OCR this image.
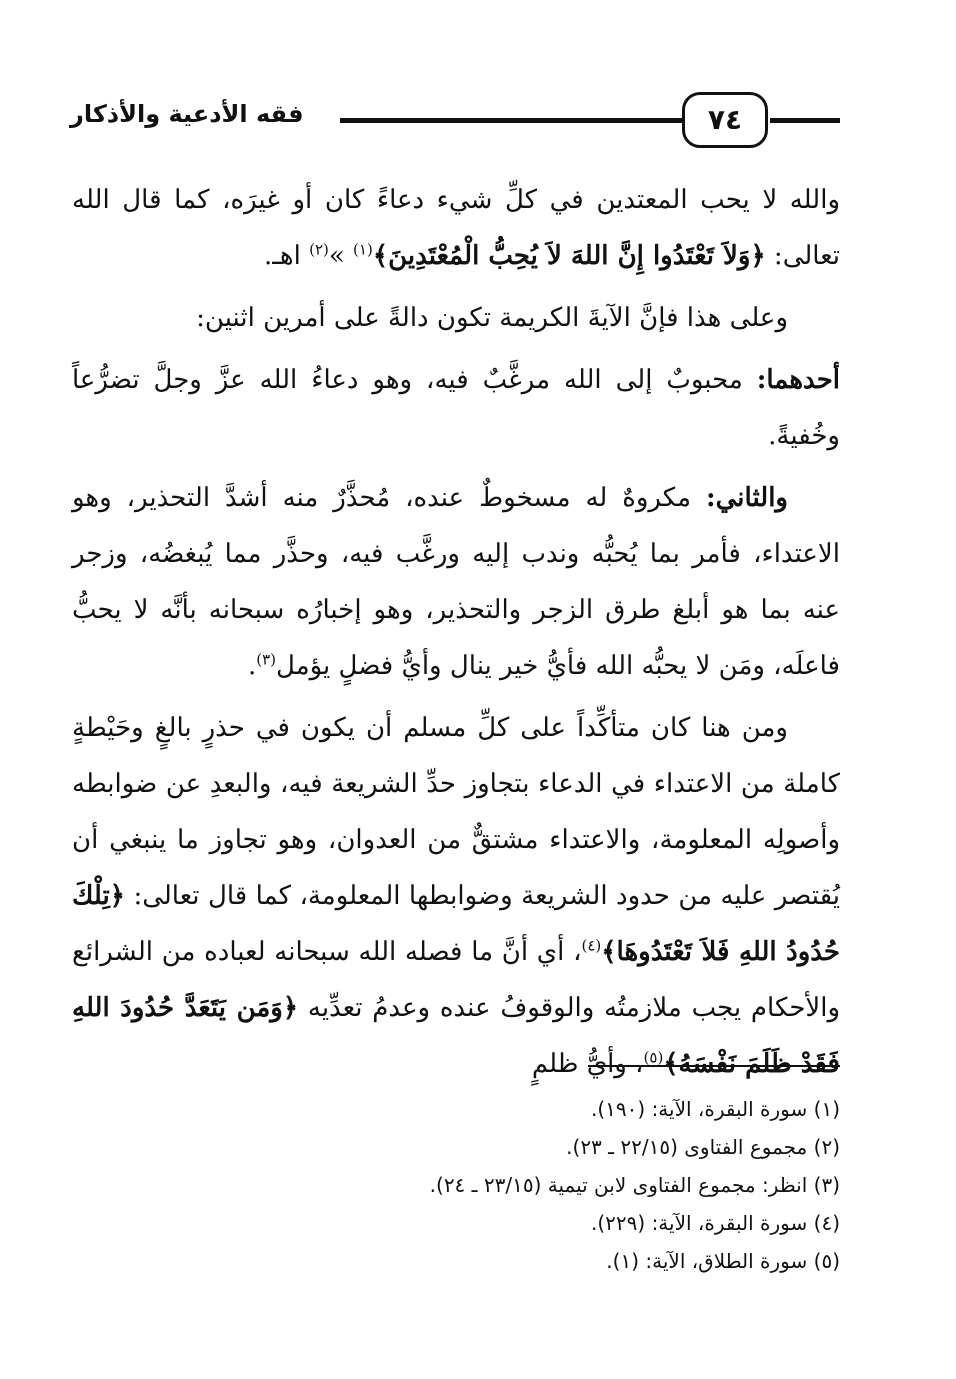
فقه الأدعية والأذكار	٧٤

والله لا يحب المعتدين في كلِّ شيء دعاءً كان أو غيرَه، كما قال الله تعالى: ﴿وَلاَ تَعْتَدُوا إِنَّ اللهَ لاَ يُحِبُّ الْمُعْتَدِينَ﴾$^{(١)}$ »$^{(٢)}$ اهـ.

وعلى هذا فإنَّ الآيةَ الكريمة تكون دالةً على أمرين اثنين:

أحدهما: محبوبٌ إلى الله مرغَّبٌ فيه، وهو دعاءُ الله عزَّ وجلَّ تضرُّعاً وخُفيةً.

والثاني: مكروهٌ له مسخوطٌ عنده، مُحذَّرٌ منه أشدَّ التحذير، وهو الاعتداء، فأمر بما يُحبُّه وندب إليه ورغَّب فيه، وحذَّر مما يُبغضُه، وزجر عنه بما هو أبلغ طرق الزجر والتحذير، وهو إخبارُه سبحانه بأنَّه لا يحبُّ فاعلَه، ومَن لا يحبُّه الله فأيُّ خير ينال وأيُّ فضلٍ يؤمل$^{(٣)}$.

ومن هنا كان متأكِّداً على كلِّ مسلم أن يكون في حذرٍ بالغٍ وحَيْطةٍ كاملة من الاعتداء في الدعاء بتجاوز حدِّ الشريعة فيه، والبعدِ عن ضوابطه وأصولِه المعلومة، والاعتداء مشتقٌّ من العدوان، وهو تجاوز ما ينبغي أن يُقتصر عليه من حدود الشريعة وضوابطها المعلومة، كما قال تعالى: ﴿تِلْكَ حُدُودُ اللهِ فَلاَ تَعْتَدُوهَا﴾$^{(٤)}$، أي أنَّ ما فصله الله سبحانه لعباده من الشرائع والأحكام يجب ملازمتُه والوقوفُ عنده وعدمُ تعدِّيه ﴿وَمَن يَتَعَدَّ حُدُودَ اللهِ فَقَدْ ظَلَمَ نَفْسَهُ﴾$^{(٥)}$، وأيُّ ظلمٍ

(١) سورة البقرة، الآية: (١٩٠).

(٢) مجموع الفتاوى (٢٢/١٥ ـ ٢٣).

(٣) انظر: مجموع الفتاوى لابن تيمية (٢٣/١٥ ـ ٢٤).

(٤) سورة البقرة، الآية: (٢٢٩).

(٥) سورة الطلاق، الآية: (١).
